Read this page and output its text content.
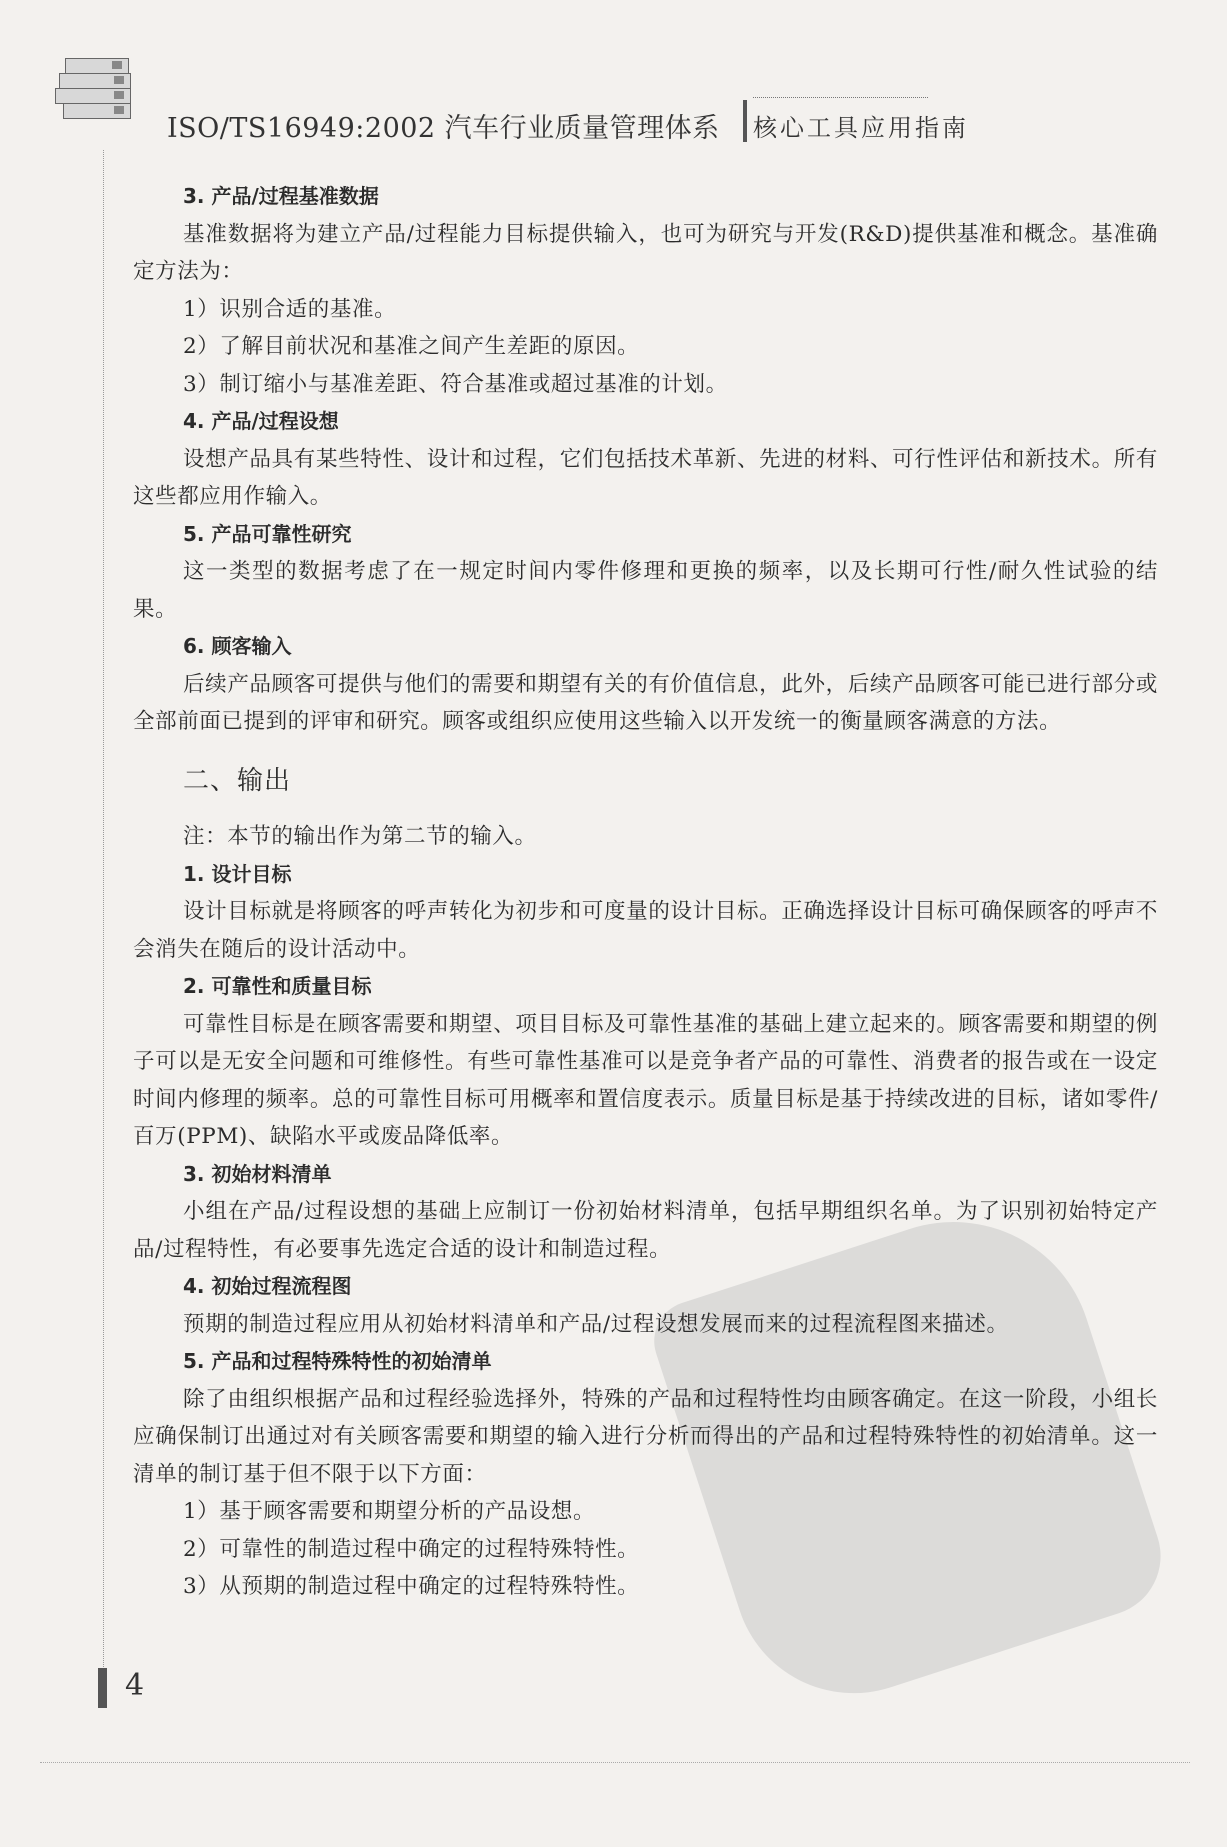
ISO/TS16949:2002 汽车行业质量管理体系 核心工具应用指南

3. 产品/过程基准数据

基准数据将为建立产品/过程能力目标提供输入，也可为研究与开发(R&D)提供基准和概念。基准确定方法为：

1）识别合适的基准。

2）了解目前状况和基准之间产生差距的原因。

3）制订缩小与基准差距、符合基准或超过基准的计划。

4. 产品/过程设想

设想产品具有某些特性、设计和过程，它们包括技术革新、先进的材料、可行性评估和新技术。所有这些都应用作输入。

5. 产品可靠性研究

这一类型的数据考虑了在一规定时间内零件修理和更换的频率，以及长期可行性/耐久性试验的结果。

6. 顾客输入

后续产品顾客可提供与他们的需要和期望有关的有价值信息，此外，后续产品顾客可能已进行部分或全部前面已提到的评审和研究。顾客或组织应使用这些输入以开发统一的衡量顾客满意的方法。

二、输出

注：本节的输出作为第二节的输入。

1. 设计目标

设计目标就是将顾客的呼声转化为初步和可度量的设计目标。正确选择设计目标可确保顾客的呼声不会消失在随后的设计活动中。

2. 可靠性和质量目标

可靠性目标是在顾客需要和期望、项目目标及可靠性基准的基础上建立起来的。顾客需要和期望的例子可以是无安全问题和可维修性。有些可靠性基准可以是竞争者产品的可靠性、消费者的报告或在一设定时间内修理的频率。总的可靠性目标可用概率和置信度表示。质量目标是基于持续改进的目标，诸如零件/百万(PPM)、缺陷水平或废品降低率。

3. 初始材料清单

小组在产品/过程设想的基础上应制订一份初始材料清单，包括早期组织名单。为了识别初始特定产品/过程特性，有必要事先选定合适的设计和制造过程。

4. 初始过程流程图

预期的制造过程应用从初始材料清单和产品/过程设想发展而来的过程流程图来描述。

5. 产品和过程特殊特性的初始清单

除了由组织根据产品和过程经验选择外，特殊的产品和过程特性均由顾客确定。在这一阶段，小组长应确保制订出通过对有关顾客需要和期望的输入进行分析而得出的产品和过程特殊特性的初始清单。这一清单的制订基于但不限于以下方面：

1）基于顾客需要和期望分析的产品设想。

2）可靠性的制造过程中确定的过程特殊特性。

3）从预期的制造过程中确定的过程特殊特性。

4
